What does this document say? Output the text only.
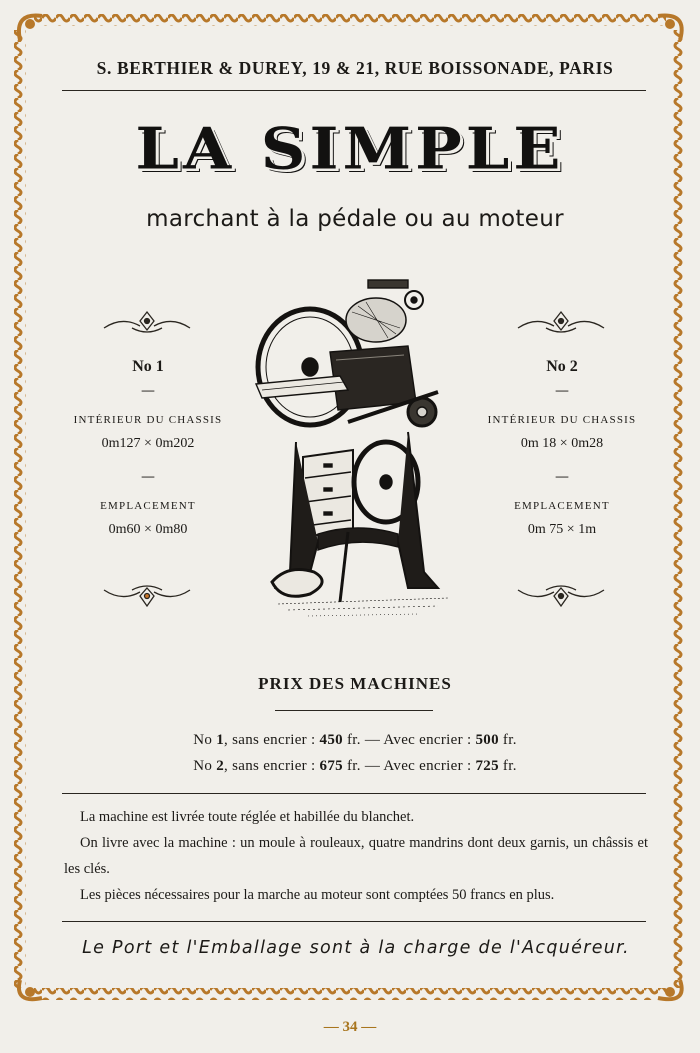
S. BERTHIER & DUREY, 19 & 21, RUE BOISSONADE, PARIS
LA SIMPLE
marchant à la pédale ou au moteur
No 1
—
INTÉRIEUR DU CHASSIS
0m127 × 0m202
—
EMPLACEMENT
0m60 × 0m80
No 2
—
INTÉRIEUR DU CHASSIS
0m 18 × 0m28
—
EMPLACEMENT
0m 75 × 1m
PRIX DES MACHINES
No 1, sans encrier : 450 fr. — Avec encrier : 500 fr.
No 2, sans encrier : 675 fr. — Avec encrier : 725 fr.

La machine est livrée toute réglée et habillée du blanchet.

On livre avec la machine : un moule à rouleaux, quatre mandrins dont deux garnis, un châssis et les clés.

Les pièces nécessaires pour la marche au moteur sont comptées 50 francs en plus.

Le Port et l'Emballage sont à la charge de l'Acquéreur.
— 34 —
